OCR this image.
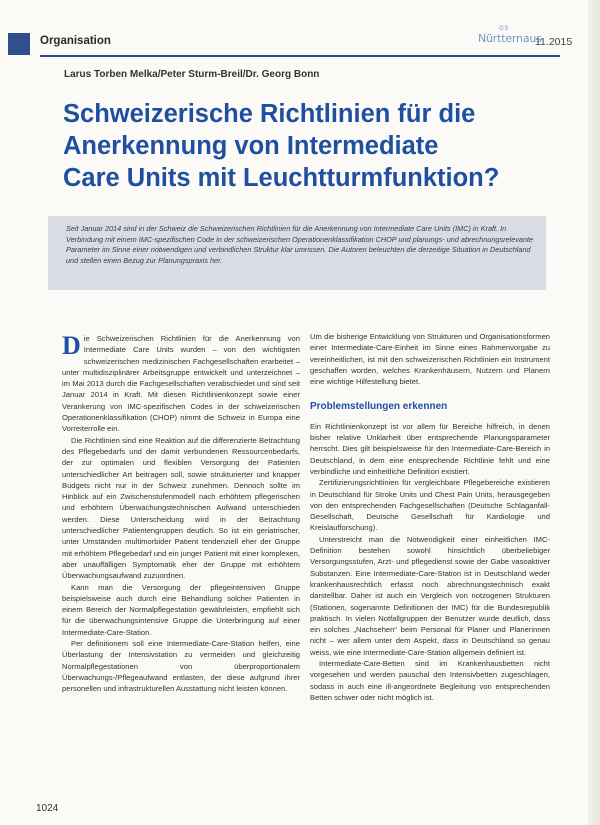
Organisation
GS
Nürtternaus
11.2015
Larus Torben Melka/Peter Sturm-Breil/Dr. Georg Bonn
Schweizerische Richtlinien für die
Anerkennung von Intermediate
Care Units mit Leuchtturmfunktion?
Seit Januar 2014 sind in der Schweiz die Schweizerischen Richtlinien für die Anerkennung von Intermediate Care Units (IMC) in Kraft. In Verbindung mit einem IMC-spezifischen Code in der schweizerischen Operationenklassifikation CHOP und planungs- und abrechnungsrelevante Parameter im Sinne einer notwendigen und verbindlichen Struktur klar umrissen. Die Autoren beleuchten die derzeitige Situation in Deutschland und stellen einen Bezug zur Planungspraxis her.

Die Schweizerischen Richtlinien für die Anerkennung von Intermediate Care Units wurden – von den wichtigsten schweizerischen medizinischen Fachgesellschaften erarbeitet – unter multidisziplinärer Arbeitsgruppe entwickelt und unterzeichnet – im Mai 2013 durch die Fachgesellschaften verabschiedet und sind seit Januar 2014 in Kraft. Mit diesen Richtlinienkonzept sowie einer Verankerung von IMC-spezifischen Codes in der schweizerischen Operationenklassifikation (CHOP) nimmt die Schweiz in Europa eine Vorreiterrolle ein.

Die Richtlinien sind eine Reaktion auf die differenzierte Betrachtung des Pflegebedarfs und der damit verbundenen Ressourcenbedarfs, der zur optimalen und flexiblen Versorgung der Patienten unterschiedlicher Art beitragen soll, sowie strukturierter und knapper Budgets nicht nur in der Schweiz zunehmen. Dennoch sollte im Hinblick auf ein Zwischenstufenmodell nach erhöhtem pflegerischen und erhöhtem Überwachungstechnischen Aufwand unterschieden werden. Diese Unterscheidung wird in der Betrachtung unterschiedlicher Patientengruppen deutlich. So ist ein geriatrischer, unter Umständen multimorbider Patient tendenziell eher der Gruppe mit erhöhtem Pflegebedarf und ein junger Patient mit einer komplexen, aber unauffälligen Symptomatik eher der Gruppe mit erhöhtem Überwachungsaufwand zuzuordnen.

Kann man die Versorgung der pflegeintensiven Gruppe beispielsweise auch durch eine Behandlung solcher Patienten in einem Bereich der Normalpflegestation gewährleisten, empfiehlt sich für die überwachungsintensive Gruppe die Unterbringung auf einer Intermediate-Care-Station.

Per definitionem soll eine Intermediate-Care-Station helfen, eine Überlastung der Intensivstation zu vermeiden und gleichzeitig Normalpflegestationen von überproportionalem Überwachungs-/Pflegeaufwand entlasten, der diese aufgrund ihrer personellen und infrastrukturellen Ausstattung nicht leisten können.

Um die bisherige Entwicklung von Strukturen und Organisationsformen einer Intermediate-Care-Einheit im Sinne eines Rahmenvorgabe zu vereinheitlichen, ist mit den schweizerischen Richtlinien ein Instrument geschaffen worden, welches Krankenhäusern, Nutzern und Planern eine wichtige Hilfestellung bietet.

Problemstellungen erkennen

Ein Richtlinienkonzept ist vor allem für Bereiche hilfreich, in denen bisher relative Unklarheit über entsprechende Planungsparameter herrscht. Dies gilt beispielsweise für den Intermediate-Care-Bereich in Deutschland, in dem eine entsprechende Richtlinie fehlt und eine verbindliche und einheitliche Definition existiert.

Zertifizierungsrichtlinien für vergleichbare Pflegebereiche existieren in Deutschland für Stroke Units und Chest Pain Units, herausgegeben von den entsprechenden Fachgesellschaften (Deutsche Schlaganfall-Gesellschaft, Deutsche Gesellschaft für Kardiologie und Kreislaufforschung).

Unterstreicht man die Notwendigkeit einer einheitlichen IMC-Definition bestehen sowohl hinsichtlich überbeliebiger Versorgungsstufen, Arzt- und pflegedienst sowie der Gabe vasoaktiver Substanzen. Eine Intermediate-Care-Station ist in Deutschland weder krankenhausrechtlich erfasst noch abrechnungstechnisch exakt darstellbar. Daher ist auch ein Vergleich von notzogenen Strukturen (Stationen, sogenannte Definitionen der IMC) für die Bundesrepublik praktisch. In vielen Notfallgruppen der Benutzer wurde deutlich, dass ein solches „Nachsehen“ beim Personal für Planer und Planerinnen nicht – wer allem unter dem Aspekt, dass in Deutschland so genau weiss, wie eine Intermediate-Care-Station allgemein definiert ist.

Intermediate-Care-Betten sind im Krankenhausbetten nicht vorgesehen und werden pauschal den Intensivbetten zugeschlagen, sodass in auch eine ill-angeordnete Begleitung von entsprechenden Betten schwer oder nicht möglich ist.

1024
